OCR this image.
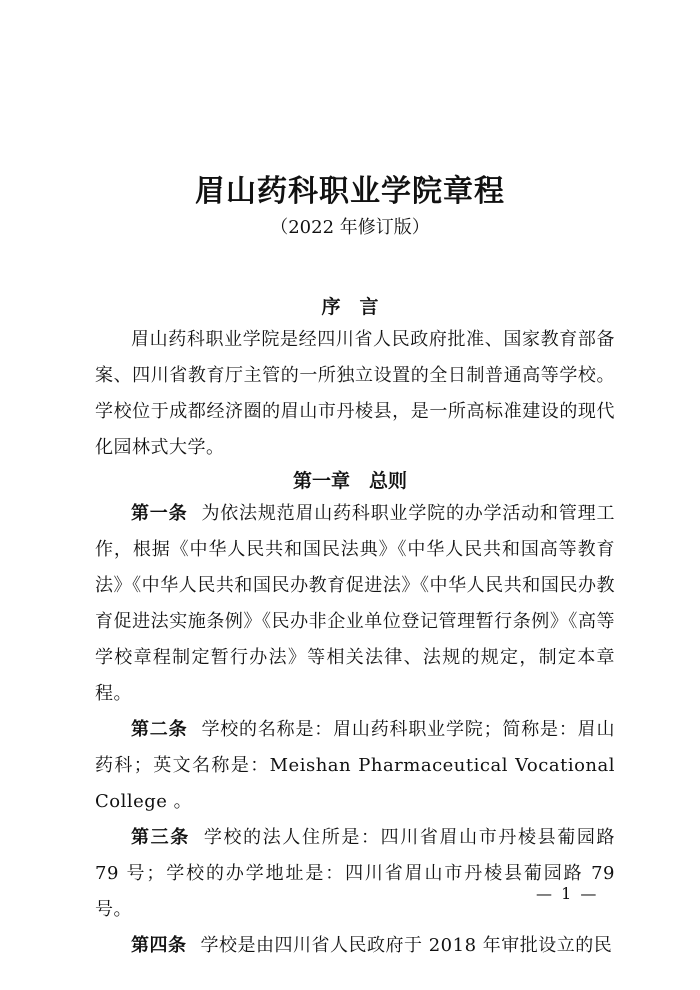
眉山药科职业学院章程
（2022 年修订版）
序　言

眉山药科职业学院是经四川省人民政府批准、国家教育部备案、四川省教育厅主管的一所独立设置的全日制普通高等学校。学校位于成都经济圈的眉山市丹棱县，是一所高标准建设的现代化园林式大学。

第一章　总则

第一条 为依法规范眉山药科职业学院的办学活动和管理工作，根据《中华人民共和国民法典》《中华人民共和国高等教育法》《中华人民共和国民办教育促进法》《中华人民共和国民办教育促进法实施条例》《民办非企业单位登记管理暂行条例》《高等学校章程制定暂行办法》等相关法律、法规的规定，制定本章程。

第二条 学校的名称是：眉山药科职业学院；简称是：眉山药科；英文名称是：Meishan Pharmaceutical Vocational College 。

第三条 学校的法人住所是：四川省眉山市丹棱县葡园路 79 号；学校的办学地址是：四川省眉山市丹棱县葡园路 79 号。

第四条 学校是由四川省人民政府于 2018 年审批设立的民

— 1 —
